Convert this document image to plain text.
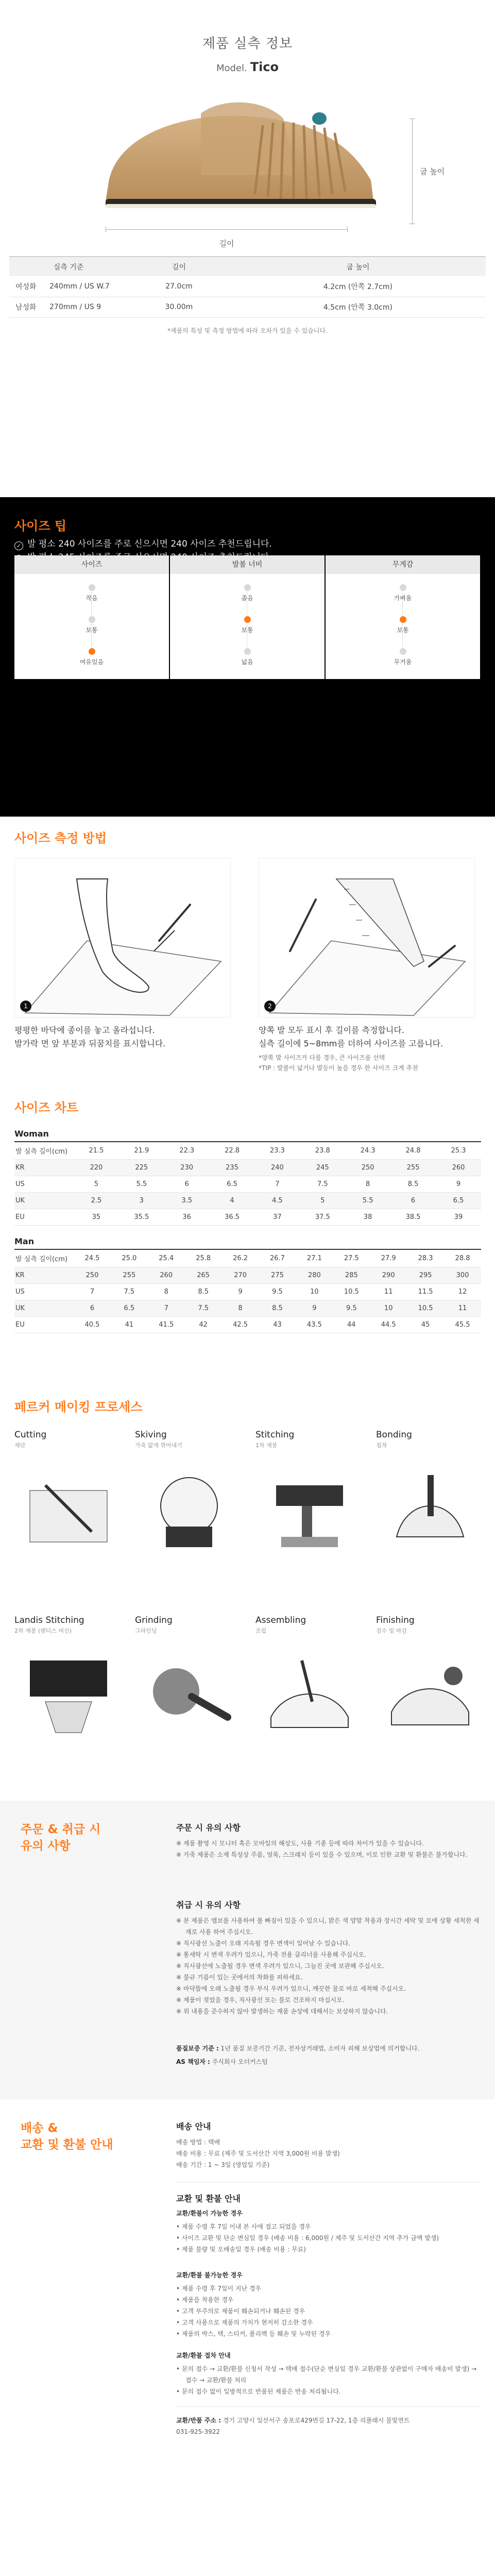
제품 실측 정보
Model. Tico
길이
굽 높이
실측 기준		길이	굽 높이
여성화	240mm / US W.7	27.0cm	4.2cm (안쪽 2.7cm)
남성화	270mm / US 9	30.00m	4.5cm (안쪽 3.0cm)
*제품의 특성 및 측정 방법에 따라 오차가 있을 수 있습니다.
사이즈 팁
✓ 발 평소 240 사이즈를 주로 신으시면 240 사이즈 추천드립니다.
사이즈
작음
보통
여유있음
발볼 너비
좁음
보통
넓음
무게감
가벼움
보통
무거움
사이즈 측정 방법
1	2
평평한 바닥에 종이를 놓고 올라섭니다.
발가락 면 앞 부분과 뒤꿈치를 표시합니다.
양쪽 발 모두 표시 후 길이를 측정합니다.
실측 길이에 5~8mm를 더하여 사이즈를 고릅니다.
*양쪽 발 사이즈가 다를 경우, 큰 사이즈를 선택
*TIP : 발볼이 넓거나 발등이 높을 경우 한 사이즈 크게 추천
사이즈 차트
Woman
발 실측 길이(cm)	21.5	21.9	22.3	22.8	23.3	23.8	24.3	24.8	25.3
KR	220	225	230	235	240	245	250	255	260
US	5	5.5	6	6.5	7	7.5	8	8.5	9
UK	2.5	3	3.5	4	4.5	5	5.5	6	6.5
EU	35	35.5	36	36.5	37	37.5	38	38.5	39
Man
발 실측 길이(cm)	24.5	25.0	25.4	25.8	26.2	26.7	27.1	27.5	27.9	28.3	28.8
KR	250	255	260	265	270	275	280	285	290	295	300
US	7	7.5	8	8.5	9	9.5	10	10.5	11	11.5	12
UK	6	6.5	7	7.5	8	8.5	9	9.5	10	10.5	11
EU	40.5	41	41.5	42	42.5	43	43.5	44	44.5	45	45.5
페르커 메이킹 프로세스
Cutting
재단
Skiving
가죽 얇게 깎아내기
Stitching
1차 재봉
Bonding
접착
Landis Stitching
2차 재봉 (랜디스 머신)
Grinding
그라인딩
Assembling
조립
Finishing
검수 및 마감
주문 & 취급 시
유의 사항
주문 시 유의 사항
※ 제품 촬영 시 모니터 혹은 모바일의 해상도, 사용 기종 등에 따라 차이가 있을 수 있습니다.
※ 가죽 제품은 소재 특성상 주름, 얼룩, 스크래치 등이 있을 수 있으며, 이로 인한 교환 및 환불은 불가합니다.
취급 시 유의 사항
※ 본 제품은 엠보를 사용하여 볼 빠짐이 있을 수 있으니, 밝은 색 양말 착용과 장시간 세탁 및 로에 상황 세척한 세재로 사용 하여 주십시오.
※ 직사광선 노출이 오래 지속될 경우 변색이 일어날 수 있습니다.
※ 통세탁 시 변색 우려가 있으니, 가죽 전용 클리너를 사용해 주십시오.
※ 직사광선에 노출될 경우 변색 우려가 있으니, 그늘진 곳에 보관해 주십시오.
※ 불규 기름이 있는 곳에서의 착화를 피하세요.
※ 바닥뜰에 오래 노출될 경우 부식 우려가 있으니, 깨끗한 물로 바로 세척해 주십시오.
※ 제품이 젖었을 경우, 직사광선 또는 불로 건조하지 마십시오.
※ 위 내용을 준수하지 않아 발생하는 제품 손상에 대해서는 보상하지 않습니다.
품질보증 기준 : 1년 품질 보증기간 기준, 전자상거래법, 소비자 피해 보상법에 의거합니다.
AS 책임자 : 주식회사 오더커스텀
배송 &
교환 및 환불 안내
배송 안내
배송 방법 : 택배
배송 비용 : 무료 (제주 및 도서산간 지역 3,000원 비용 발생)
배송 기간 : 1 ~ 3일 (영업일 기준)
교환 및 환불 안내
교환/환불이 가능한 경우
• 제품 수령 후 7일 이내 본 사에 접고 되었을 경우
• 사이즈 교환 및 단순 변심일 경우 (배송 비용 : 6,000원 / 제주 및 도서산간 지역 추가 금액 발생)
• 제품 불량 및 오배송일 경우 (배송 비용 : 무료)
교환/환불 불가능한 경우
• 제품 수령 후 7일이 지난 경우
• 제품을 착용한 경우
• 고객 부주의로 제품이 훼손되거나 훼손된 경우
• 고객 사용으로 제품의 가치가 현저히 감소한 경우
• 제품의 박스, 택, 스티커, 폴리백 등 훼손 및 누락된 경우
교환/환불 접차 안내
• 문의 접수 → 교환/환불 신청서 작성 → 택배 접수(단순 변심일 경우 교환/환불 상관없이 구매자 배송비 발생) → 접수 → 교환/환불 처리
• 문의 접수 없이 일방적으로 반품된 제품은 반송 처리됩니다.
교환/반품 주소 : 경기 고양시 일산서구 송포로429번길 17-22, 1층 리플래시 물빛연트
031-925-3922
